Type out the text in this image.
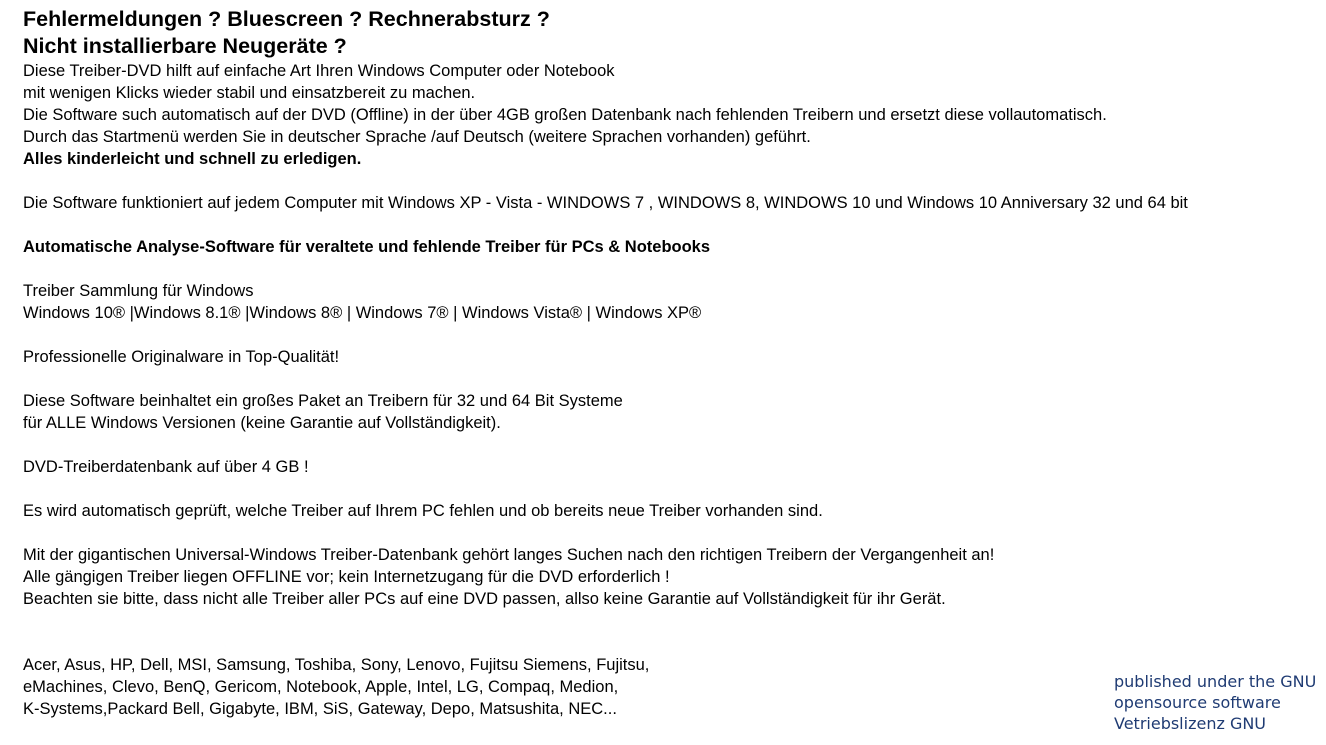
Fehlermeldungen ? Bluescreen ? Rechnerabsturz ?
Nicht installierbare Neugeräte ?
Diese Treiber-DVD hilft auf einfache Art Ihren Windows Computer oder Notebook
mit wenigen Klicks wieder stabil und einsatzbereit zu machen.
Die Software such automatisch auf der DVD (Offline) in der über 4GB großen Datenbank nach fehlenden Treibern und ersetzt diese vollautomatisch.
Durch das Startmenü werden Sie in deutscher Sprache /auf Deutsch (weitere Sprachen vorhanden) geführt.
Alles kinderleicht und schnell zu erledigen.
Die Software funktioniert auf jedem Computer mit Windows XP - Vista - WINDOWS 7 , WINDOWS 8, WINDOWS 10 und Windows 10 Anniversary 32 und 64 bit
Automatische Analyse-Software für veraltete und fehlende Treiber für PCs & Notebooks
Treiber Sammlung für Windows
Windows 10® |Windows 8.1® |Windows 8® | Windows 7® | Windows Vista® | Windows XP®
Professionelle Originalware in Top-Qualität!
Diese Software beinhaltet ein großes Paket an Treibern für 32 und 64 Bit Systeme
für ALLE Windows Versionen (keine Garantie auf Vollständigkeit).
DVD-Treiberdatenbank auf über 4 GB !
Es wird automatisch geprüft, welche Treiber auf Ihrem PC fehlen und ob bereits neue Treiber vorhanden sind.
Mit der gigantischen Universal-Windows Treiber-Datenbank gehört langes Suchen nach den richtigen Treibern der Vergangenheit an!
Alle gängigen Treiber liegen OFFLINE vor; kein Internetzugang für die DVD erforderlich !
Beachten sie bitte, dass nicht alle Treiber aller PCs auf eine DVD passen, allso keine Garantie auf Vollständigkeit für ihr Gerät.
Acer, Asus, HP, Dell, MSI, Samsung, Toshiba, Sony, Lenovo, Fujitsu Siemens, Fujitsu,
eMachines, Clevo, BenQ, Gericom, Notebook, Apple, Intel, LG, Compaq, Medion,
K-Systems,Packard Bell, Gigabyte, IBM, SiS, Gateway, Depo, Matsushita, NEC...
published under the GNU
opensource software
Vetriebslizenz GNU
